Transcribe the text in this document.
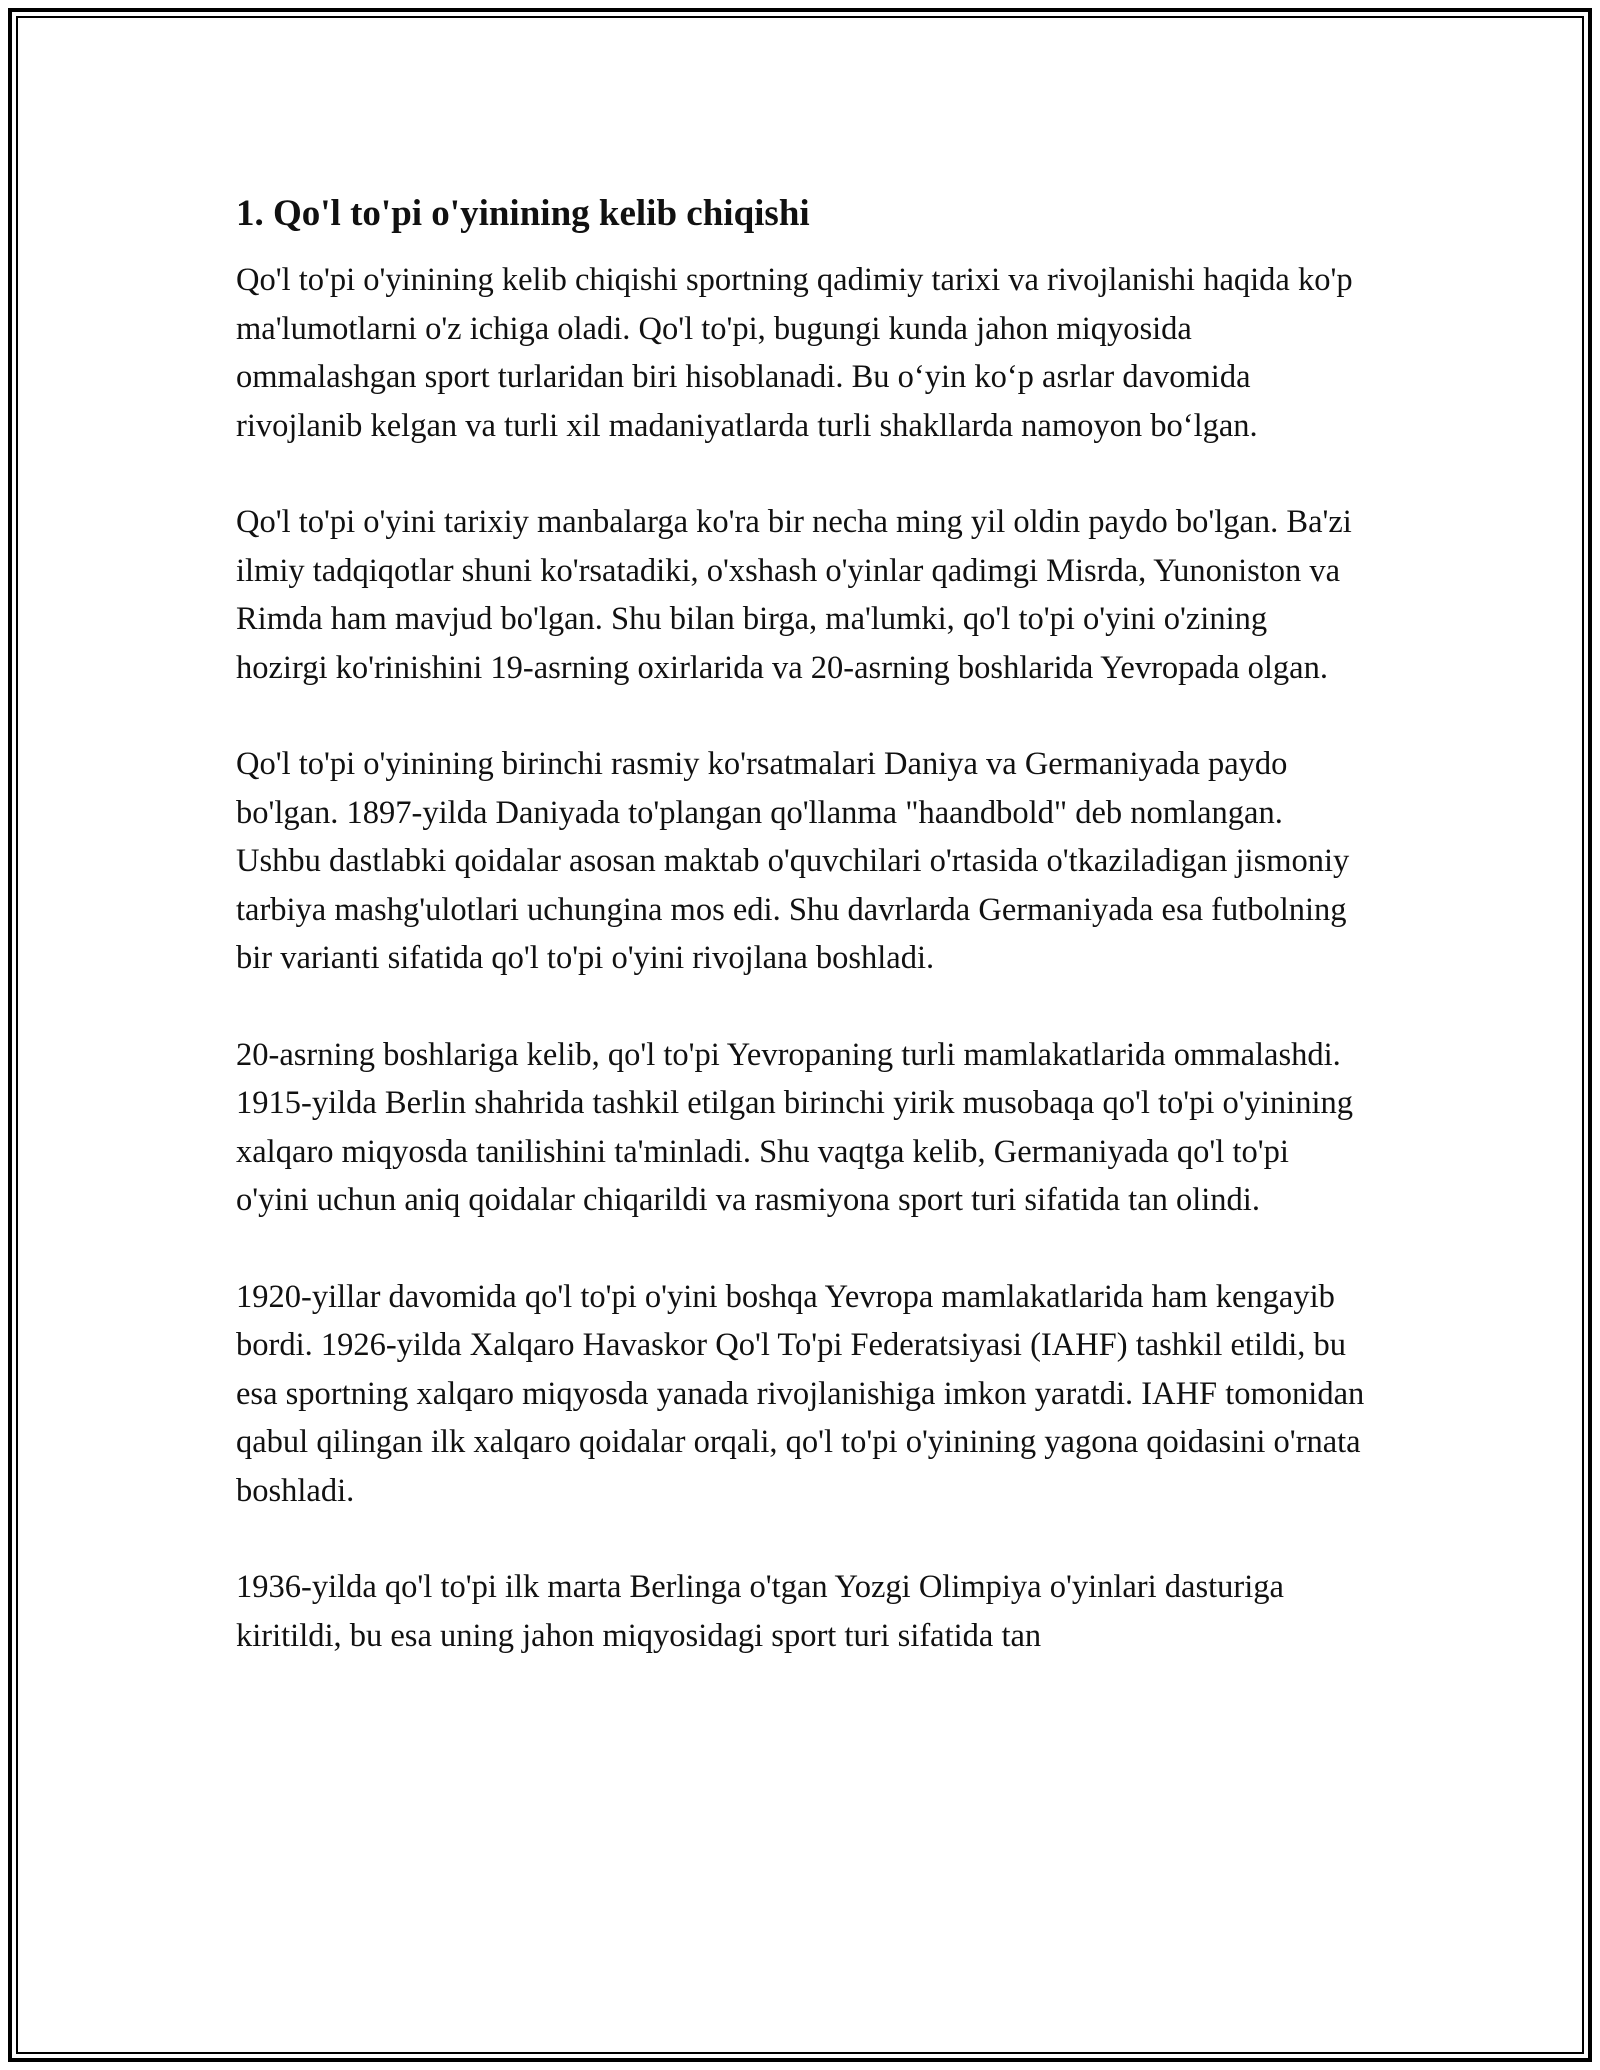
1. Qo'l to'pi o'yinining kelib chiqishi

Qo'l to'pi o'yinining kelib chiqishi sportning qadimiy tarixi va rivojlanishi haqida ko'p ma'lumotlarni o'z ichiga oladi. Qo'l to'pi, bugungi kunda jahon miqyosida ommalashgan sport turlaridan biri hisoblanadi. Bu o‘yin ko‘p asrlar davomida rivojlanib kelgan va turli xil madaniyatlarda turli shakllarda namoyon bo‘lgan.

Qo'l to'pi o'yini tarixiy manbalarga ko'ra bir necha ming yil oldin paydo bo'lgan. Ba'zi ilmiy tadqiqotlar shuni ko'rsatadiki, o'xshash o'yinlar qadimgi Misrda, Yunoniston va Rimda ham mavjud bo'lgan. Shu bilan birga, ma'lumki, qo'l to'pi o'yini o'zining hozirgi ko'rinishini 19-asrning oxirlarida va 20-asrning boshlarida Yevropada olgan.

Qo'l to'pi o'yinining birinchi rasmiy ko'rsatmalari Daniya va Germaniyada paydo bo'lgan. 1897-yilda Daniyada to'plangan qo'llanma "haandbold" deb nomlangan. Ushbu dastlabki qoidalar asosan maktab o'quvchilari o'rtasida o'tkaziladigan jismoniy tarbiya mashg'ulotlari uchungina mos edi. Shu davrlarda Germaniyada esa futbolning bir varianti sifatida qo'l to'pi o'yini rivojlana boshladi.

20-asrning boshlariga kelib, qo'l to'pi Yevropaning turli mamlakatlarida ommalashdi. 1915-yilda Berlin shahrida tashkil etilgan birinchi yirik musobaqa qo'l to'pi o'yinining xalqaro miqyosda tanilishini ta'minladi. Shu vaqtga kelib, Germaniyada qo'l to'pi o'yini uchun aniq qoidalar chiqarildi va rasmiyona sport turi sifatida tan olindi.

1920-yillar davomida qo'l to'pi o'yini boshqa Yevropa mamlakatlarida ham kengayib bordi. 1926-yilda Xalqaro Havaskor Qo'l To'pi Federatsiyasi (IAHF) tashkil etildi, bu esa sportning xalqaro miqyosda yanada rivojlanishiga imkon yaratdi. IAHF tomonidan qabul qilingan ilk xalqaro qoidalar orqali, qo'l to'pi o'yinining yagona qoidasini o'rnata boshladi.

1936-yilda qo'l to'pi ilk marta Berlinga o'tgan Yozgi Olimpiya o'yinlari dasturiga kiritildi, bu esa uning jahon miqyosidagi sport turi sifatida tan
